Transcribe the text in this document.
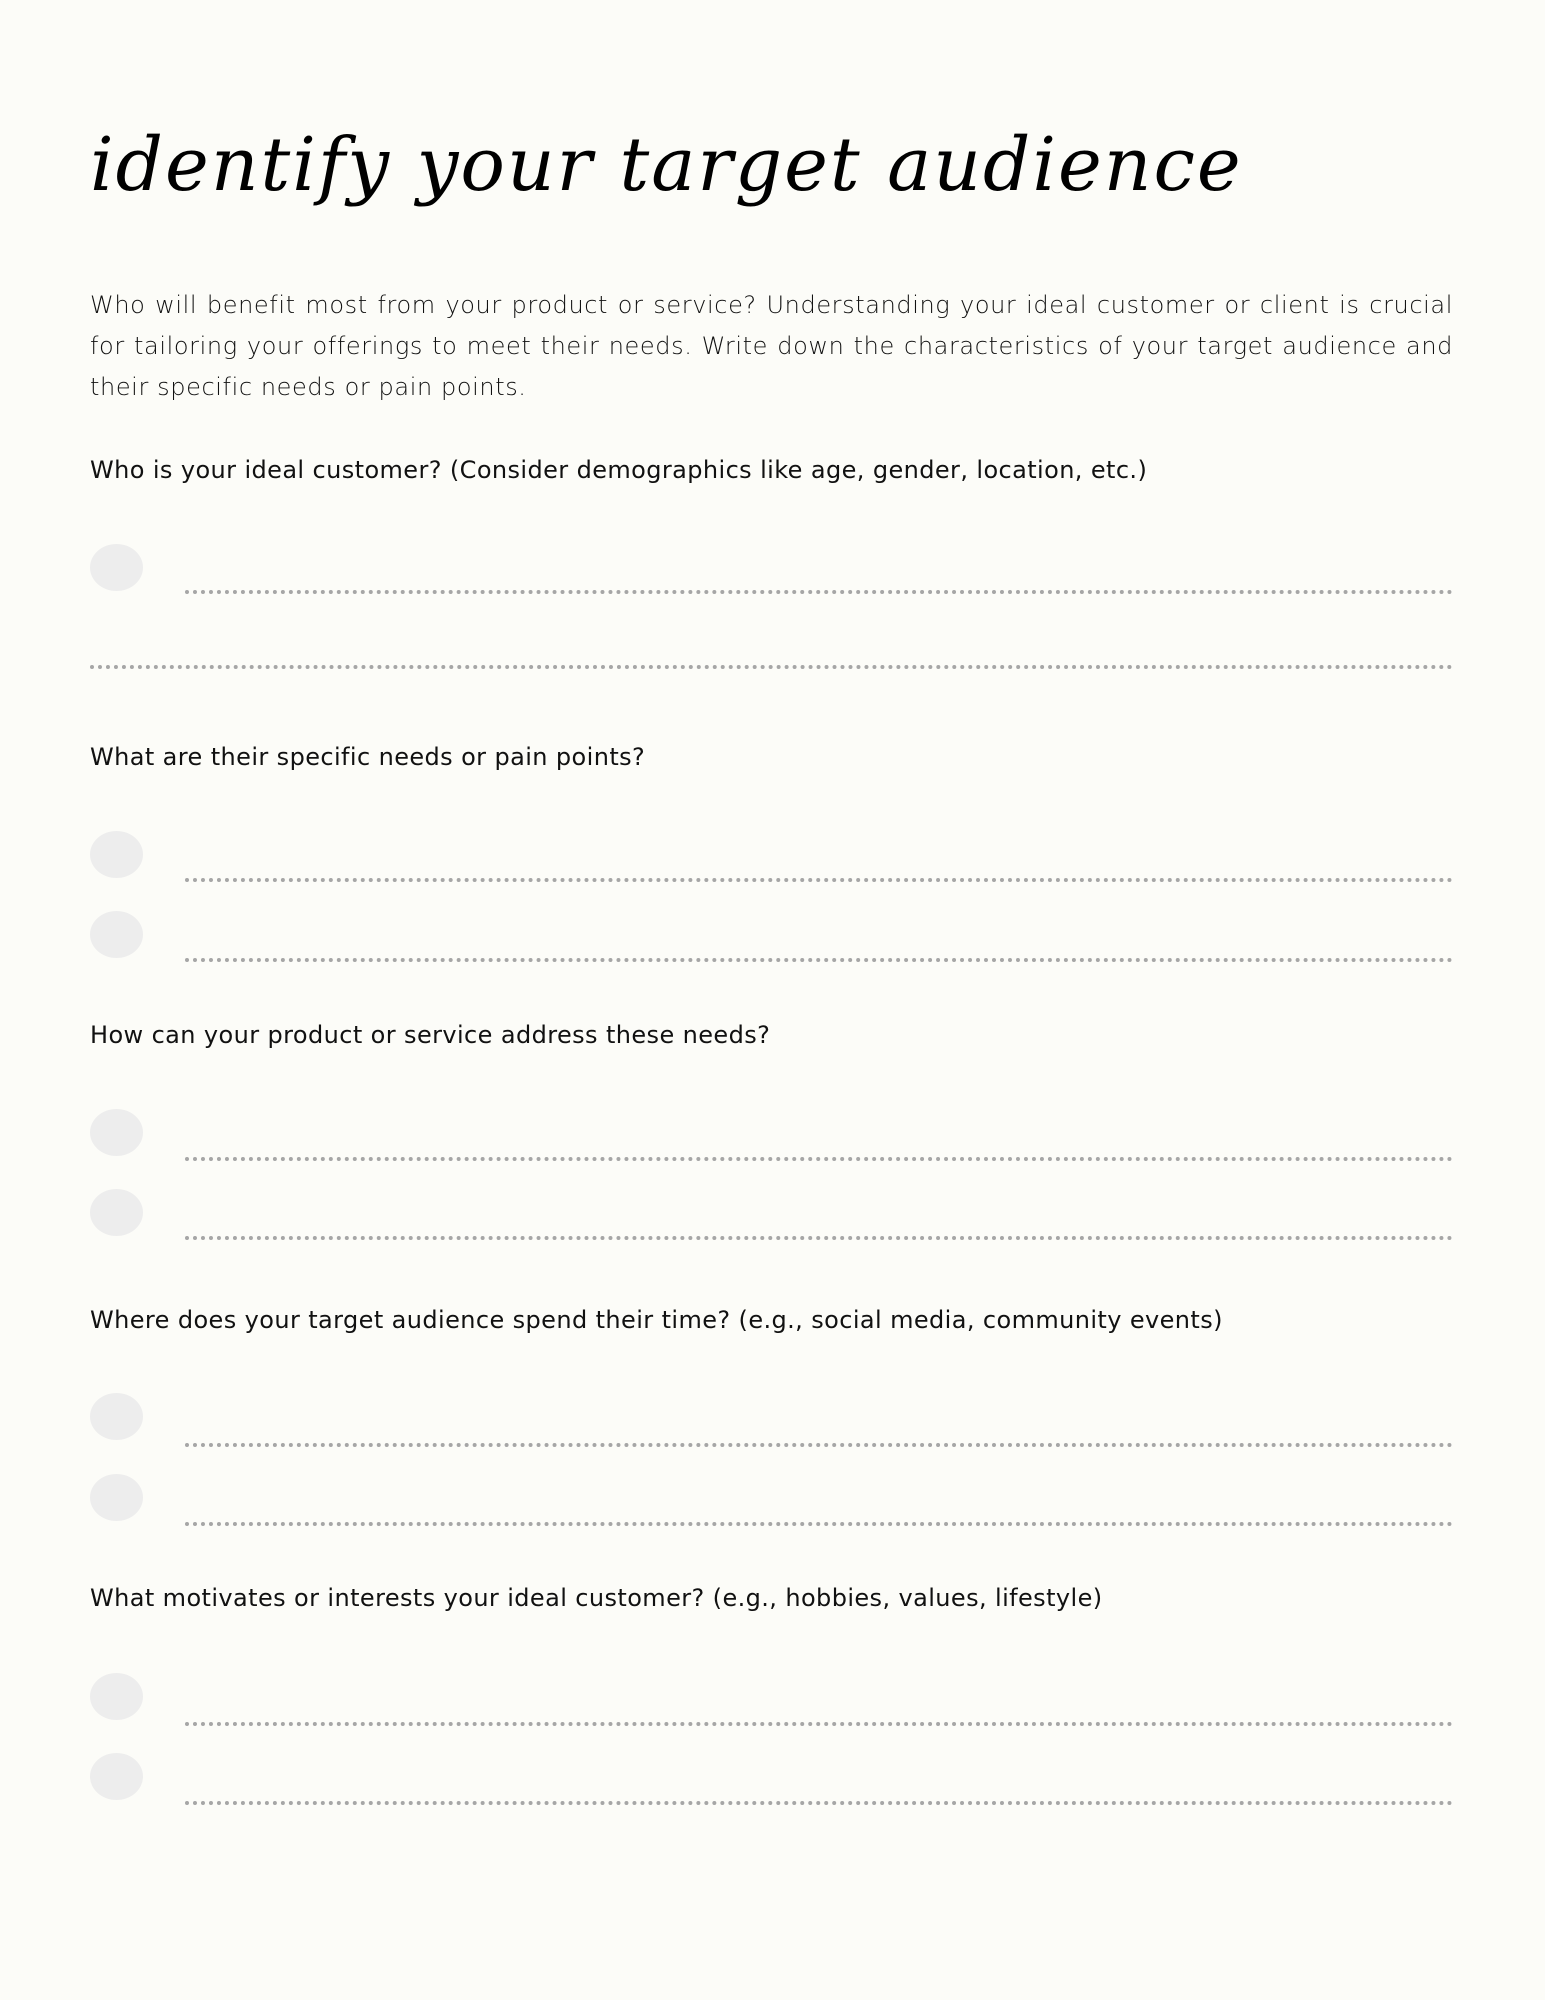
identify your target audience
Who will benefit most from your product or service? Understanding your ideal customer or client is crucial for tailoring your offerings to meet their needs. Write down the characteristics of your target audience and their specific needs or pain points.
Who is your ideal customer? (Consider demographics like age, gender, location, etc.)
What are their specific needs or pain points?
How can your product or service address these needs?
Where does your target audience spend their time? (e.g., social media, community events)
What motivates or interests your ideal customer? (e.g., hobbies, values, lifestyle)
